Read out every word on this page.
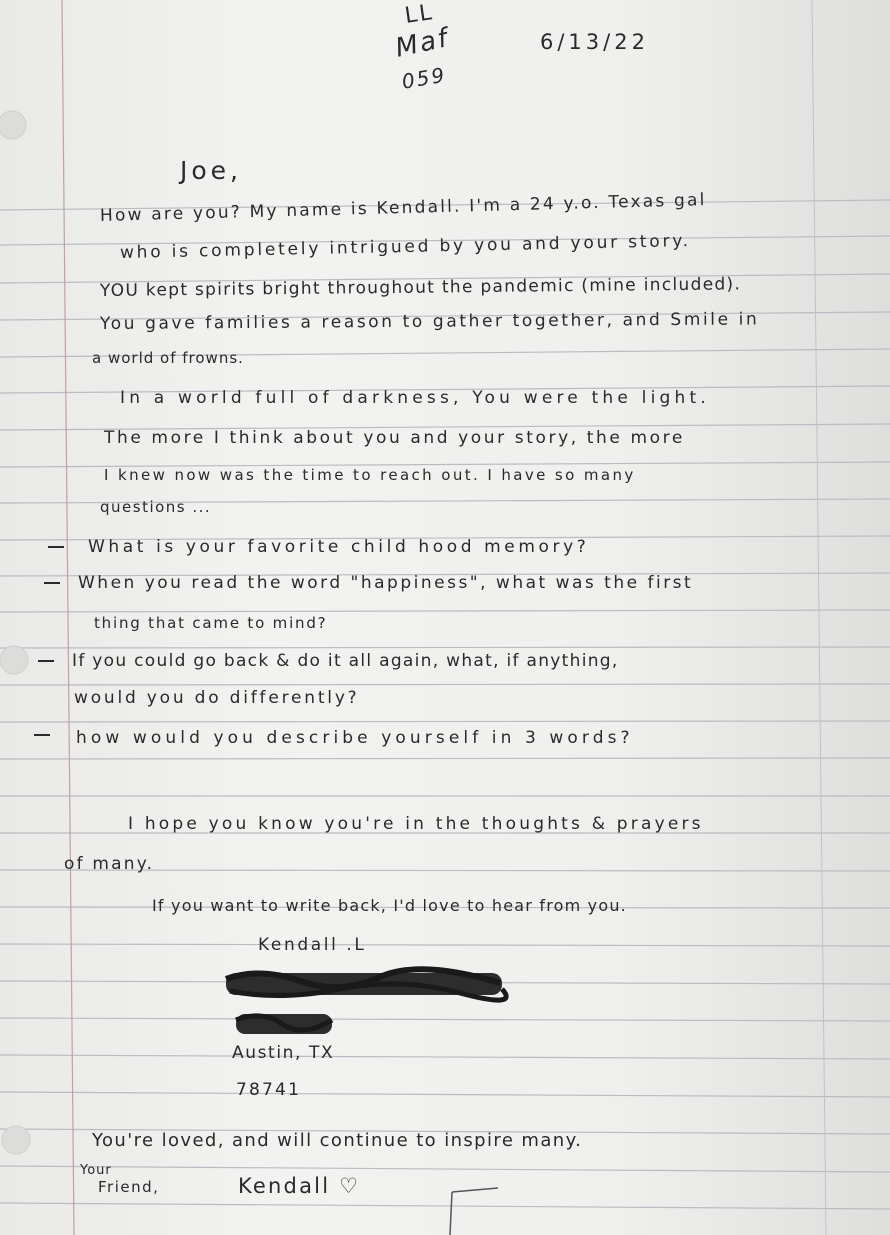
LL
Maf
059
6/13/22
Joe,
How are you? My name is Kendall. I'm a 24 y.o. Texas gal
who is completely intrigued by you and your story.
YOU kept spirits bright throughout the pandemic (mine included).
You gave families a reason to gather together, and Smile in
a world of frowns.
In a world full of darkness, You were the light.
The more I think about you and your story, the more
I knew now was the time to reach out. I have so many
questions ...
What is your favorite child hood memory?
When you read the word "happiness", what was the first
thing that came to mind?
If you could go back & do it all again, what, if anything,
would you do differently?
how would you describe yourself in 3 words?
I hope you know you're in the thoughts & prayers
of many.
If you want to write back, I'd love to hear from you.
Kendall .L
Austin, TX
78741
You're loved, and will continue to inspire many.
Your
Friend,	Kendall ♡
